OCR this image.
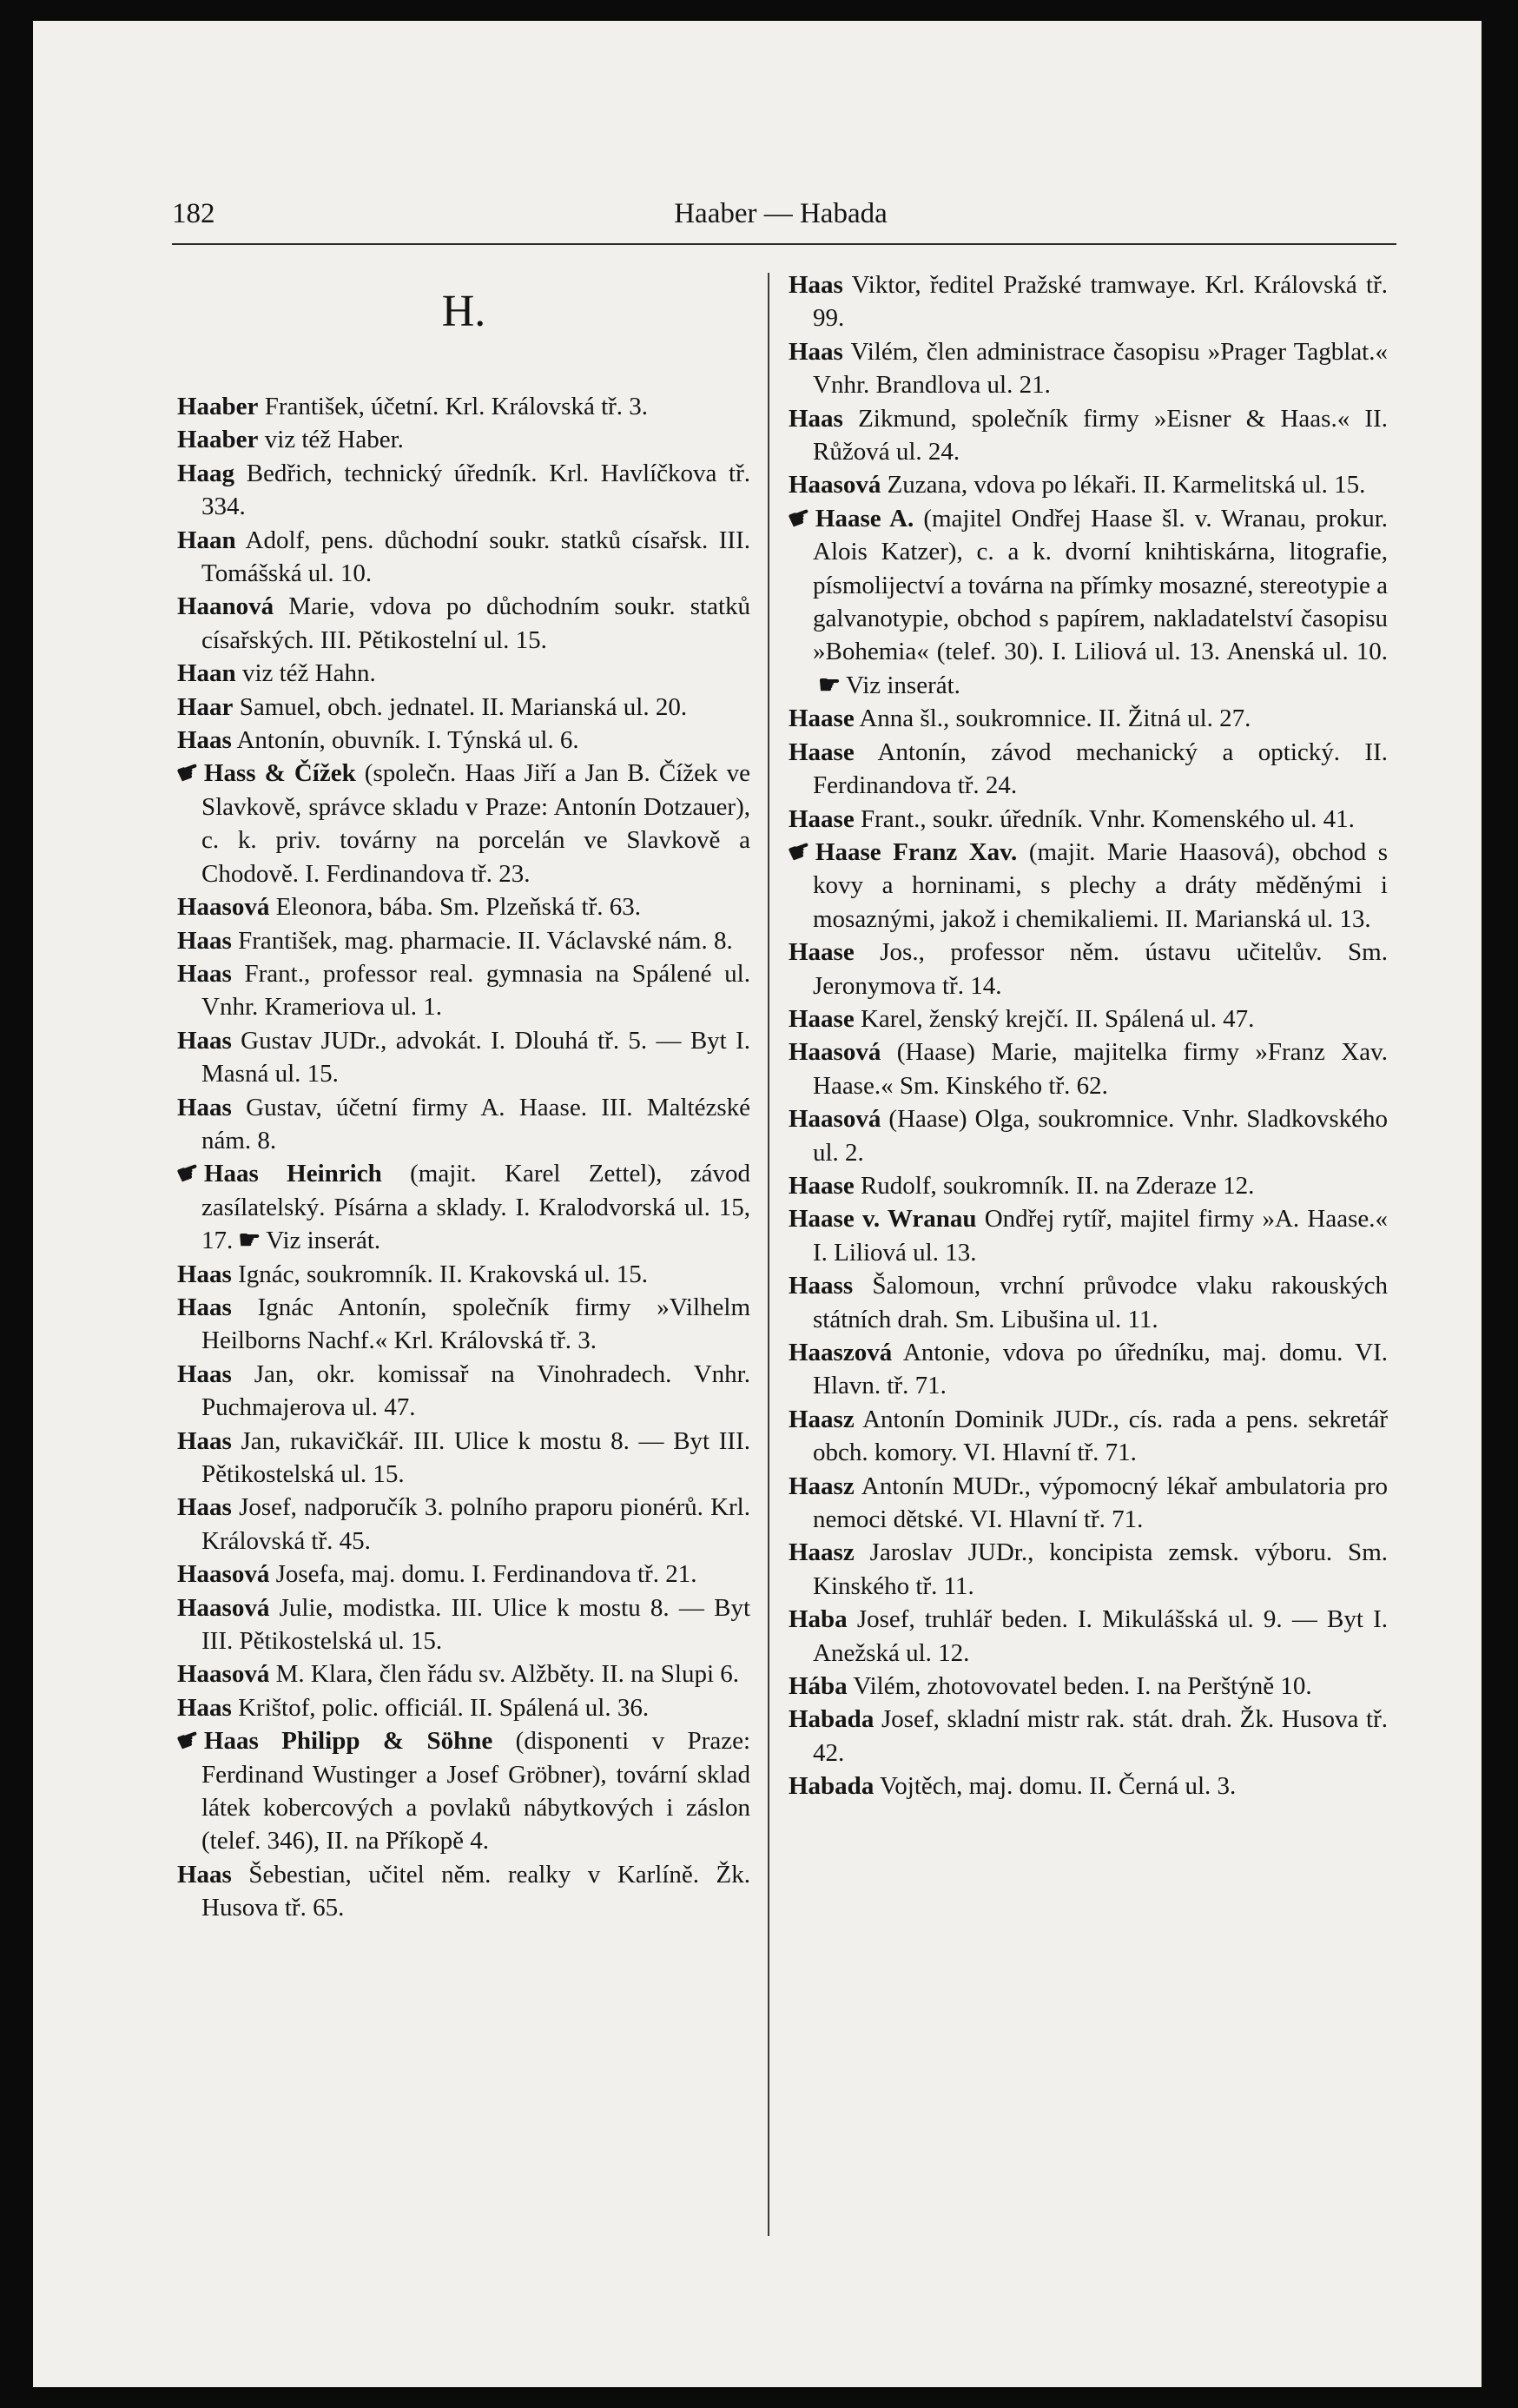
182	Haaber — Habada
H.

Haaber František, účetní. Krl. Královská tř. 3.

Haaber viz též Haber.

Haag Bedřich, technický úředník. Krl. Havlíčkova tř. 334.

Haan Adolf, pens. důchodní soukr. statků císařsk. III. Tomášská ul. 10.

Haanová Marie, vdova po důchodním soukr. statků císařských. III. Pětikostelní ul. 15.

Haan viz též Hahn.

Haar Samuel, obch. jednatel. II. Marianská ul. 20.

Haas Antonín, obuvník. I. Týnská ul. 6.

☛Hass & Čížek (společn. Haas Jiří a Jan B. Čížek ve Slavkově, správce skladu v Praze: Antonín Dotzauer), c. k. priv. továrny na porcelán ve Slavkově a Chodově. I. Ferdinandova tř. 23.

Haasová Eleonora, bába. Sm. Plzeňská tř. 63.

Haas František, mag. pharmacie. II. Václavské nám. 8.

Haas Frant., professor real. gymnasia na Spálené ul. Vnhr. Krameriova ul. 1.

Haas Gustav JUDr., advokát. I. Dlouhá tř. 5. — Byt I. Masná ul. 15.

Haas Gustav, účetní firmy A. Haase. III. Maltézské nám. 8.

☛Haas Heinrich (majit. Karel Zettel), závod zasílatelský. Písárna a sklady. I. Kralodvorská ul. 15, 17. ☛ Viz inserát.

Haas Ignác, soukromník. II. Krakovská ul. 15.

Haas Ignác Antonín, společník firmy »Vilhelm Heilborns Nachf.« Krl. Královská tř. 3.

Haas Jan, okr. komissař na Vinohradech. Vnhr. Puchmajerova ul. 47.

Haas Jan, rukavičkář. III. Ulice k mostu 8. — Byt III. Pětikostelská ul. 15.

Haas Josef, nadporučík 3. polního praporu pionérů. Krl. Královská tř. 45.

Haasová Josefa, maj. domu. I. Ferdinandova tř. 21.

Haasová Julie, modistka. III. Ulice k mostu 8. — Byt III. Pětikostelská ul. 15.

Haasová M. Klara, člen řádu sv. Alžběty. II. na Slupi 6.

Haas Krištof, polic. officiál. II. Spálená ul. 36.

☛Haas Philipp & Söhne (disponenti v Praze: Ferdinand Wustinger a Josef Gröbner), tovární sklad látek kobercových a povlaků nábytkových i záslon (telef. 346), II. na Příkopě 4.

Haas Šebestian, učitel něm. realky v Karlíně. Žk. Husova tř. 65.

Haas Viktor, ředitel Pražské tramwaye. Krl. Královská tř. 99.

Haas Vilém, člen administrace časopisu »Prager Tagblat.« Vnhr. Brandlova ul. 21.

Haas Zikmund, společník firmy »Eisner & Haas.« II. Růžová ul. 24.

Haasová Zuzana, vdova po lékaři. II. Karmelitská ul. 15.

☛Haase A. (majitel Ondřej Haase šl. v. Wranau, prokur. Alois Katzer), c. a k. dvorní knihtiskárna, litografie, písmolijectví a továrna na přímky mosazné, stereotypie a galvanotypie, obchod s papírem, nakladatelství časopisu »Bohemia« (telef. 30). I. Liliová ul. 13. Anenská ul. 10.☛ Viz inserát.

Haase Anna šl., soukromnice. II. Žitná ul. 27.

Haase Antonín, závod mechanický a optický. II. Ferdinandova tř. 24.

Haase Frant., soukr. úředník. Vnhr. Komenského ul. 41.

☛Haase Franz Xav. (majit. Marie Haasová), obchod s kovy a horninami, s plechy a dráty měděnými i mosaznými, jakož i chemikaliemi. II. Marianská ul. 13.

Haase Jos., professor něm. ústavu učitelův. Sm. Jeronymova tř. 14.

Haase Karel, ženský krejčí. II. Spálená ul. 47.

Haasová (Haase) Marie, majitelka firmy »Franz Xav. Haase.« Sm. Kinského tř. 62.

Haasová (Haase) Olga, soukromnice. Vnhr. Sladkovského ul. 2.

Haase Rudolf, soukromník. II. na Zderaze 12.

Haase v. Wranau Ondřej rytíř, majitel firmy »A. Haase.« I. Liliová ul. 13.

Haass Šalomoun, vrchní průvodce vlaku rakouských státních drah. Sm. Libušina ul. 11.

Haaszová Antonie, vdova po úředníku, maj. domu. VI. Hlavn. tř. 71.

Haasz Antonín Dominik JUDr., cís. rada a pens. sekretář obch. komory. VI. Hlavní tř. 71.

Haasz Antonín MUDr., výpomocný lékař ambulatoria pro nemoci dětské. VI. Hlavní tř. 71.

Haasz Jaroslav JUDr., koncipista zemsk. výboru. Sm. Kinského tř. 11.

Haba Josef, truhlář beden. I. Mikulášská ul. 9. — Byt I. Anežská ul. 12.

Hába Vilém, zhotovovatel beden. I. na Perštýně 10.

Habada Josef, skladní mistr rak. stát. drah. Žk. Husova tř. 42.

Habada Vojtěch, maj. domu. II. Černá ul. 3.
